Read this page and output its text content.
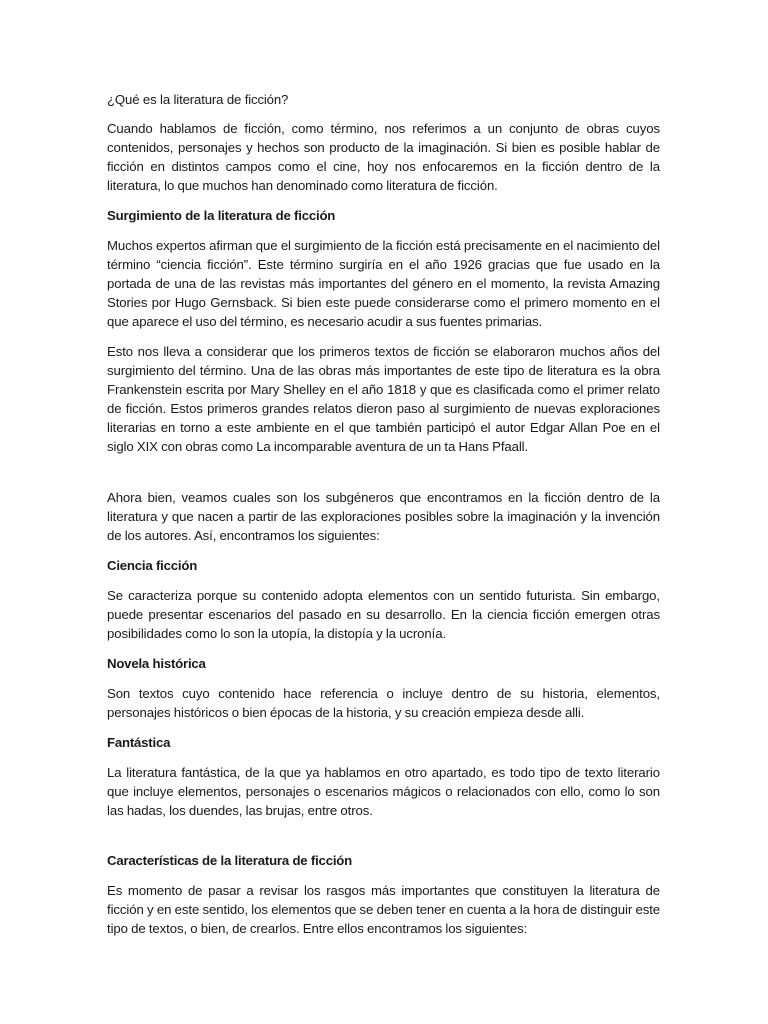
¿Qué es la literatura de ficción?

Cuando hablamos de ficción, como término, nos referimos a un conjunto de obras cuyos contenidos, personajes y hechos son producto de la imaginación. Si bien es posible hablar de ficción en distintos campos como el cine, hoy nos enfocaremos en la ficción dentro de la literatura, lo que muchos han denominado como literatura de ficción.

Surgimiento de la literatura de ficción

Muchos expertos afirman que el surgimiento de la ficción está precisamente en el nacimiento del término “ciencia ficción”. Este término surgiría en el año 1926 gracias que fue usado en la portada de una de las revistas más importantes del género en el momento, la revista Amazing Stories por Hugo Gernsback. Si bien este puede considerarse como el primero momento en el que aparece el uso del término, es necesario acudir a sus fuentes primarias.

Esto nos lleva a considerar que los primeros textos de ficción se elaboraron muchos años del surgimiento del término. Una de las obras más importantes de este tipo de literatura es la obra Frankenstein escrita por Mary Shelley en el año 1818 y que es clasificada como el primer relato de ficción. Estos primeros grandes relatos dieron paso al surgimiento de nuevas exploraciones literarias en torno a este ambiente en el que también participó el autor Edgar Allan Poe en el siglo XIX con obras como La incomparable aventura de un ta Hans Pfaall.

Ahora bien, veamos cuales son los subgéneros que encontramos en la ficción dentro de la literatura y que nacen a partir de las exploraciones posibles sobre la imaginación y la invención de los autores. Así, encontramos los siguientes:

Ciencia ficción

Se caracteriza porque su contenido adopta elementos con un sentido futurista. Sin embargo, puede presentar escenarios del pasado en su desarrollo. En la ciencia ficción emergen otras posibilidades como lo son la utopía, la distopía y la ucronía.

Novela histórica

Son textos cuyo contenido hace referencia o incluye dentro de su historia, elementos, personajes históricos o bien épocas de la historia, y su creación empieza desde alli.

Fantástica

La literatura fantástica, de la que ya hablamos en otro apartado, es todo tipo de texto literario que incluye elementos, personajes o escenarios mágicos o relacionados con ello, como lo son las hadas, los duendes, las brujas, entre otros.

Características de la literatura de ficción

Es momento de pasar a revisar los rasgos más importantes que constituyen la literatura de ficción y en este sentido, los elementos que se deben tener en cuenta a la hora de distinguir este tipo de textos, o bien, de crearlos. Entre ellos encontramos los siguientes:
